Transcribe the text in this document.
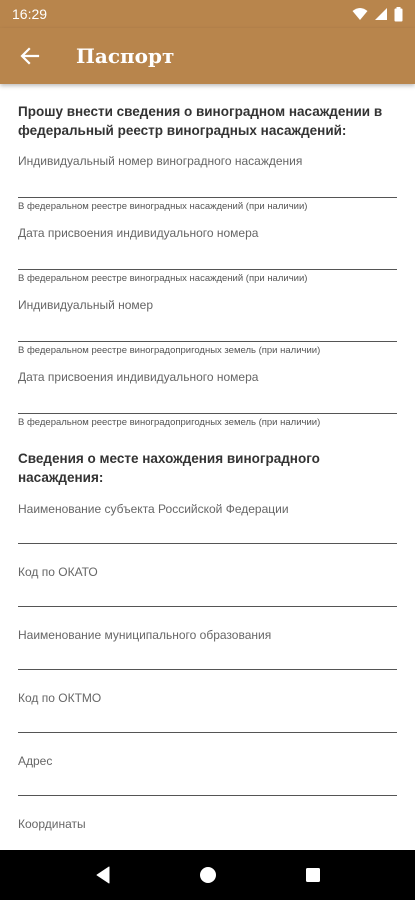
16:29
Паспорт
Прошу внести сведения о виноградном насаждении в федеральный реестр виноградных насаждений:
Индивидуальный номер виноградного насаждения
В федеральном реестре виноградных насаждений (при наличии)
Дата присвоения индивидуального номера
В федеральном реестре виноградных насаждений (при наличии)
Индивидуальный номер
В федеральном реестре виноградопригодных земель (при наличии)
Дата присвоения индивидуального номера
В федеральном реестре виноградопригодных земель (при наличии)
Сведения о месте нахождения виноградного насаждения:
Наименование субъекта Российской Федерации
Код по ОКАТО
Наименование муниципального образования
Код по ОКТМО
Адрес
Координаты
